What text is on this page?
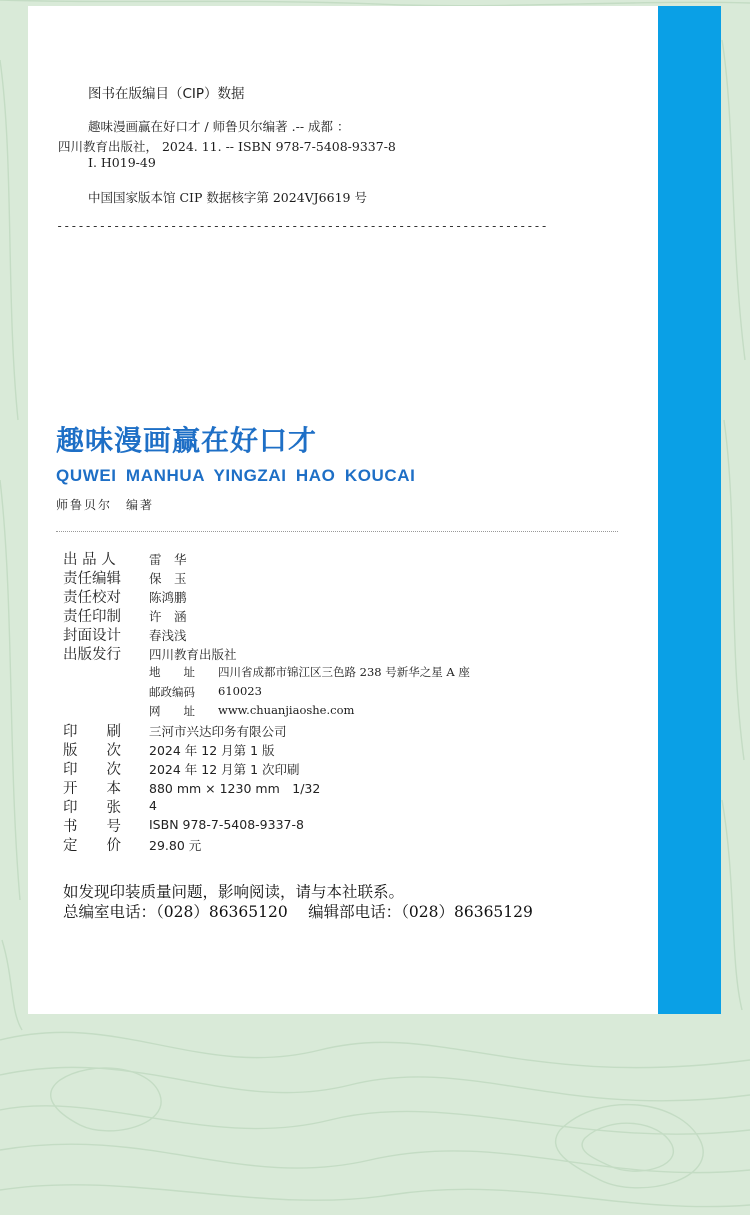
图书在版编目（CIP）数据
趣味漫画赢在好口才 / 师鲁贝尔编著 .-- 成都 ：
四川教育出版社， 2024. 11. -- ISBN 978-7-5408-9337-8
Ⅰ. H019-49
中国国家版本馆 CIP 数据核字第 2024VJ6619 号
---------------------------------------------------------------------
趣味漫画赢在好口才
QUWEI MANHUA YINGZAI HAO KOUCAI
师鲁贝尔　编著
出 品 人	雷　华
责任编辑 保　玉
责任校对 陈鸿鹏
责任印制 许　涵
封面设计 春浅浅
出版发行 四川教育出版社
地　　址 四川省成都市锦江区三色路 238 号新华之星 A 座
邮政编码 610023
网　　址 www.chuanjiaoshe.com
印　　刷 三河市兴达印务有限公司
版　　次 2024 年 12 月第 1 版
印　　次 2024 年 12 月第 1 次印刷
开　　本 880 mm × 1230 mm　1/32
印　　张 4
书　　号 ISBN 978-7-5408-9337-8
定　　价 29.80 元
如发现印装质量问题，影响阅读，请与本社联系。
总编室电话：（028）86365120　 编辑部电话：（028）86365129
